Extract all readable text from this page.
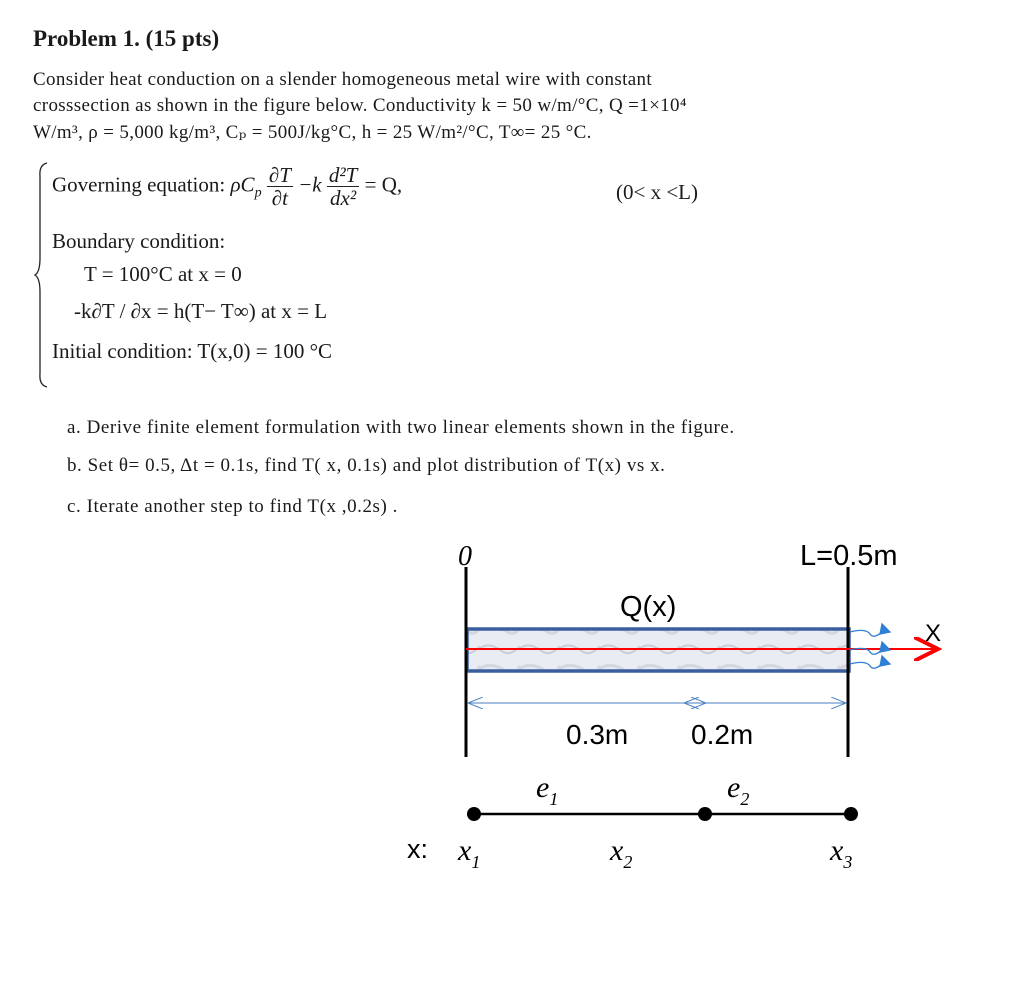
Problem 1. (15 pts)
Consider heat conduction on a slender homogeneous metal wire with constant
crosssection as shown in the figure below. Conductivity k = 50 w/m/°C, Q =1×10⁴
W/m³, ρ = 5,000 kg/m³, Cₚ = 500J/kg°C, h = 25 W/m²/°C, T∞= 25 °C.
Governing equation: $\rho C_p \frac{\partial T}{\partial t} -k \frac{\text{d²T}}{\text{dx²}} = Q$,	(0< x <L)
Boundary condition:
T = 100°C at x = 0
-k∂T / ∂x = h(T− T∞) at x = L
Initial condition: T(x,0) = 100 °C
a. Derive finite element formulation with two linear elements shown in the figure.
b. Set θ= 0.5, Δt = 0.1s, find T( x, 0.1s) and plot distribution of T(x) vs x.
c. Iterate another step to find T(x ,0.2s) .
0	L=0.5m
Q(x)
X
0.3m 0.2m
$e_1$	$e_2$
x: $x_1$	$x_2$	$x_3$
